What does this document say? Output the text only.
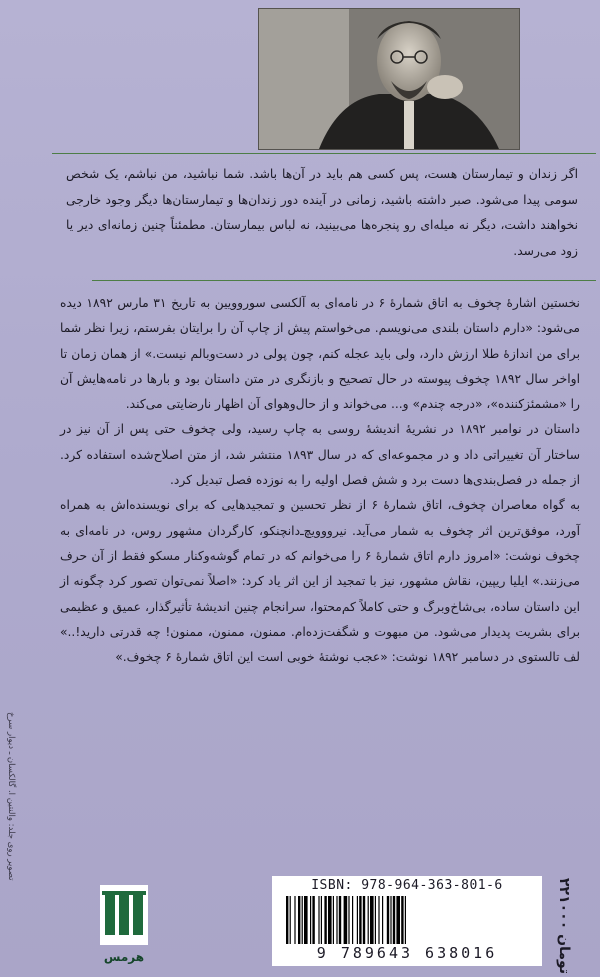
اگر زندان و تیمارستان هست، پس کسی هم باید در آن‌ها باشد. شما نباشید، من نباشم، یک شخص سومی پیدا می‌شود. صبر داشته باشید، زمانی در آینده دور زندان‌ها و تیمارستان‌ها دیگر وجود خارجی نخواهند داشت، دیگر نه میله‌ای رو پنجره‌ها می‌بینید، نه لباس بیمارستان. مطمئناً چنین زمانه‌ای دیر یا زود می‌رسد.

نخستین اشارهٔ چخوف به اتاق شمارهٔ ۶ در نامه‌ای به آلکسی سوروویین به تاریخ ۳۱ مارس ۱۸۹۲ دیده می‌شود: «دارم داستان بلندی می‌نویسم. می‌خواستم پیش از چاپ آن را برایتان بفرستم، زیرا نظر شما برای من اندازهٔ طلا ارزش دارد، ولی باید عجله کنم، چون پولی در دست‌وبالم نیست.» از همان زمان تا اواخر سال ۱۸۹۲ چخوف پیوسته در حال تصحیح و بازنگری در متن داستان بود و بارها در نامه‌هایش آن را «مشمئزکننده»، «درجه چندم» و... می‌خواند و از حال‌وهوای آن اظهار نارضایتی می‌کند.

داستان در نوامبر ۱۸۹۲ در نشریهٔ اندیشهٔ روسی به چاپ رسید، ولی چخوف حتی پس از آن نیز در ساختار آن تغییراتی داد و در مجموعه‌ای که در سال ۱۸۹۳ منتشر شد، از متن اصلاح‌شده استفاده کرد. از جمله در فصل‌بندی‌ها دست برد و شش فصل اولیه را به نوزده فصل تبدیل کرد.

به گواه معاصران چخوف، اتاق شمارهٔ ۶ از نظر تحسین و تمجیدهایی که برای نویسنده‌اش به همراه آورد، موفق‌ترین اثر چخوف به شمار می‌آید. نیرووویچ‌ـ‌دانچنکو، کارگردان مشهور روس، در نامه‌ای به چخوف نوشت: «امروز دارم اتاق شمارهٔ ۶ را می‌خوانم که در تمام گوشه‌وکنار مسکو فقط از آن حرف می‌زنند.» ایلیا ریپین، نقاش مشهور، نیز با تمجید از این اثر یاد کرد: «اصلاً نمی‌توان تصور کرد چگونه از این داستان ساده، بی‌شاخ‌وبرگ و حتی کاملاً کم‌محتوا، سرانجام چنین اندیشهٔ تأثیرگذار، عمیق و عظیمی برای بشریت پدیدار می‌شود. من مبهوت و شگفت‌زده‌ام. ممنون، ممنون، ممنون! چه قدرتی دارید!..» لف تالستوی در دسامبر ۱۸۹۲ نوشت: «عجب نوشتهٔ خوبی است این اتاق شمارهٔ ۶ چخوف.»

تصویر روی جلد: والنتین ا. گالکسان ـ‌ دیوار سرخ
۲۲۱۰۰۰ تومان
ISBN: 978-964-363-801-6
9 789643 638016
هرمس
